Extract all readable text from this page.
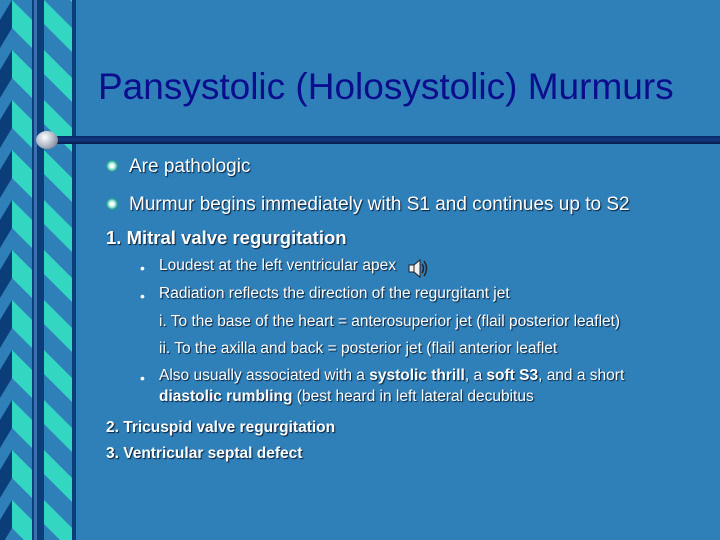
Pansystolic (Holosystolic) Murmurs
Are pathologic
Murmur begins immediately with S1 and continues up to S2
1. Mitral valve regurgitation
• Loudest at the left ventricular apex
• Radiation reflects the direction of the regurgitant jet
i. To the base of the heart = anterosuperior jet (flail posterior leaflet)
ii. To the axilla and back = posterior jet (flail anterior leaflet
• Also usually associated with a systolic thrill, a soft S3, and a short
diastolic rumbling (best heard in left lateral decubitus
2. Tricuspid valve regurgitation
3. Ventricular septal defect
